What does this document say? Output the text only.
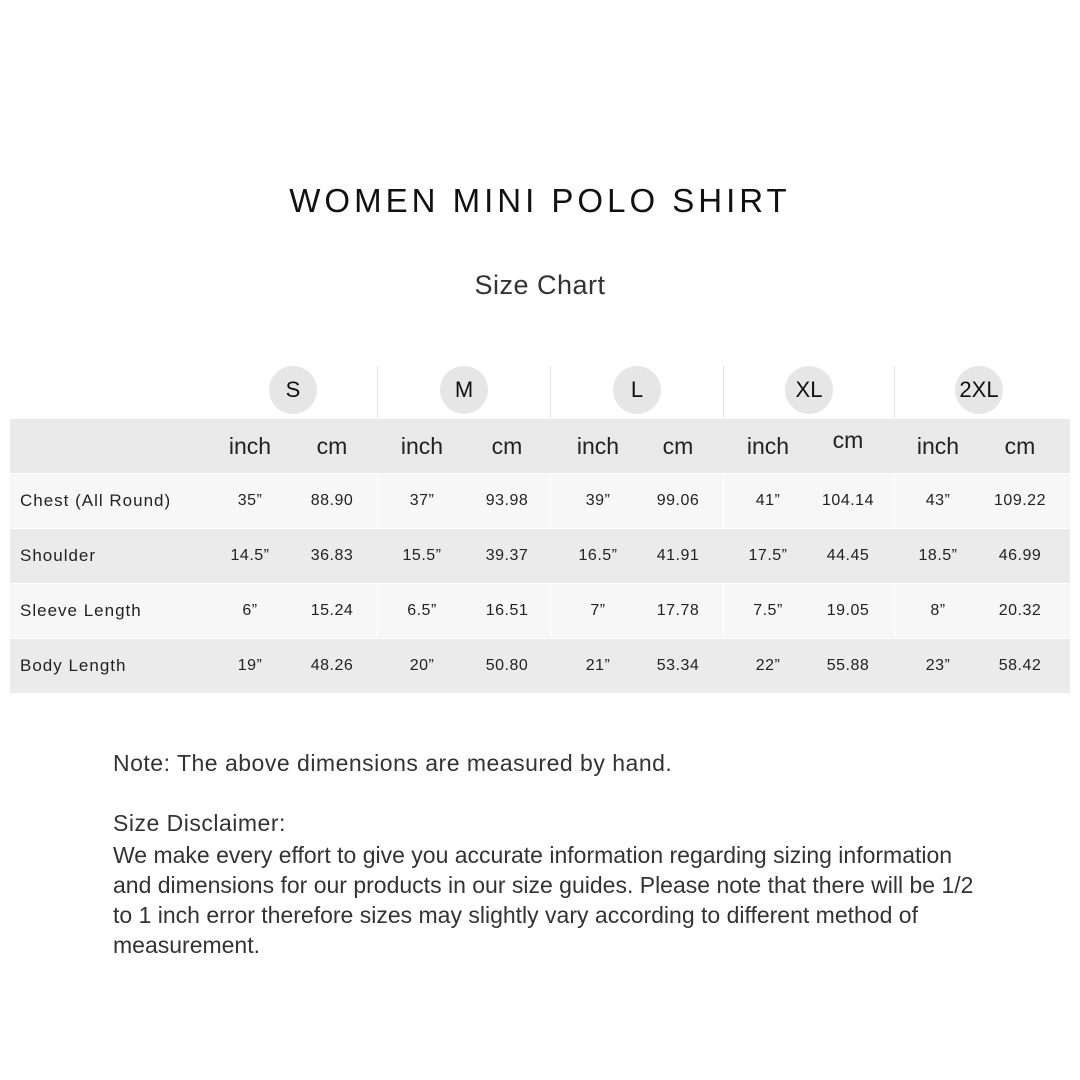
WOMEN MINI POLO SHIRT
Size Chart
S	M	L	XL	2XL
inch	cm	inch	cm	inch	cm	inch	cm	inch	cm
Chest (All Round)	35”	88.90	37”	93.98	39”	99.06	41”	104.14	43”	109.22
Shoulder	14.5”	36.83	15.5”	39.37	16.5”	41.91	17.5”	44.45	18.5”	46.99
Sleeve Length	6”	15.24	6.5”	16.51	7”	17.78	7.5”	19.05	8”	20.32
Body Length	19”	48.26	20”	50.80	21”	53.34	22”	55.88	23”	58.42
Note: The above dimensions are measured by hand.
Size Disclaimer:
We make every effort to give you accurate information regarding sizing information and dimensions for our products in our size guides. Please note that there will be 1/2 to 1 inch error therefore sizes may slightly vary according to different method of measurement.
